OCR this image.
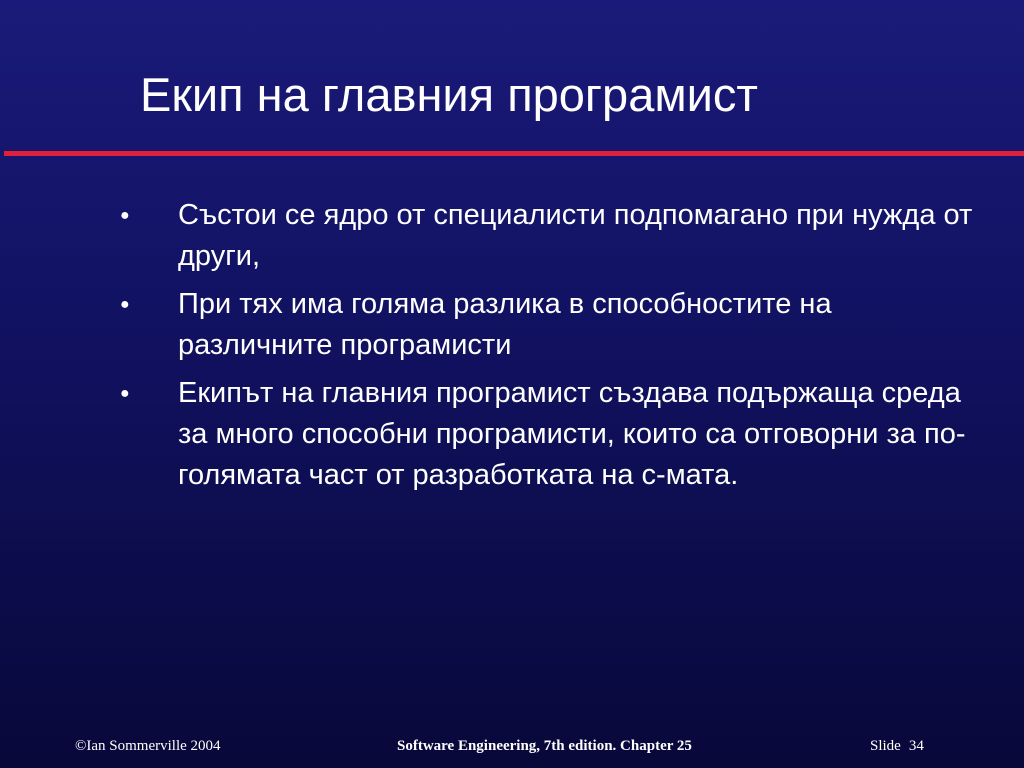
Екип на главния програмист
● Състои се ядро от специалисти подпомагано при нужда от други,
● При тях има голяма разлика в способностите на различните програмисти
● Екипът на главния програмист създава подържаща среда за много способни програмисти, които са отговорни за по-голямата част от разработката на с-мата.
©Ian Sommerville 2004	Software Engineering, 7th edition. Chapter 25	Slide 34
